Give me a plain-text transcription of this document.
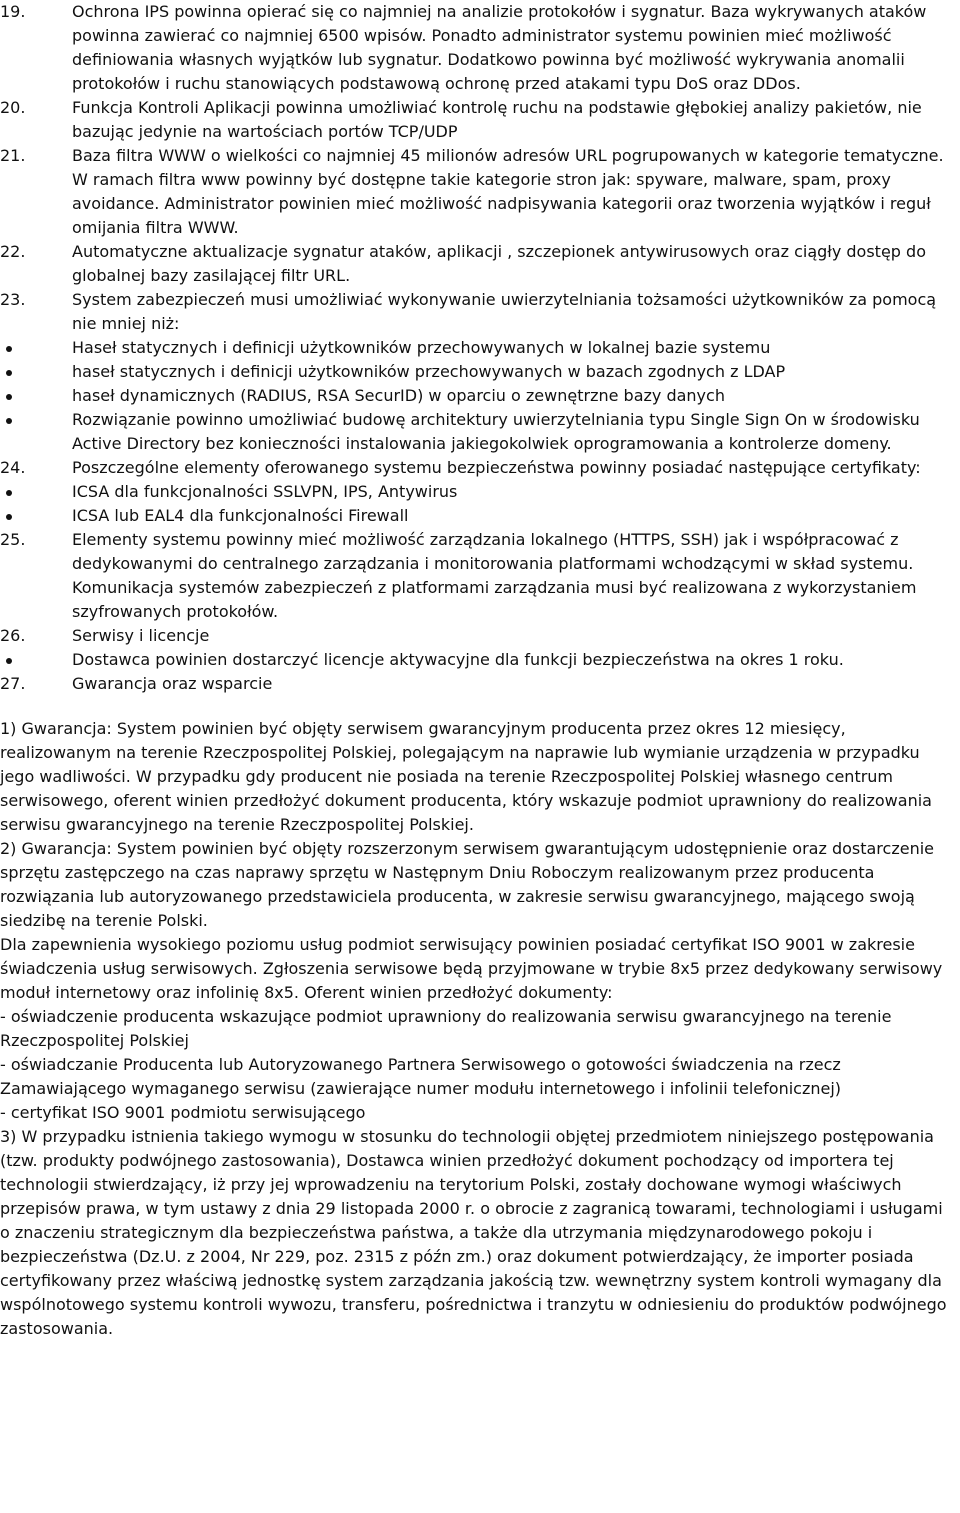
19.	Ochrona IPS powinna opierać się co najmniej na analizie protokołów i sygnatur. Baza wykrywanych ataków powinna zawierać co najmniej 6500 wpisów. Ponadto administrator systemu powinien mieć możliwość definiowania własnych wyjątków lub sygnatur. Dodatkowo powinna być możliwość wykrywania anomalii protokołów i ruchu stanowiących podstawową ochronę przed atakami typu DoS oraz DDos.
20.	Funkcja Kontroli Aplikacji powinna umożliwiać kontrolę ruchu na podstawie głębokiej analizy pakietów, nie bazując jedynie na wartościach portów TCP/UDP
21.	Baza filtra WWW o wielkości co najmniej 45 milionów adresów URL pogrupowanych w kategorie tematyczne. W ramach filtra www powinny być dostępne takie kategorie stron jak: spyware, malware, spam, proxy avoidance. Administrator powinien mieć możliwość nadpisywania kategorii oraz tworzenia wyjątków i reguł omijania filtra WWW.
22.	Automatyczne aktualizacje sygnatur ataków, aplikacji , szczepionek antywirusowych oraz ciągły dostęp do globalnej bazy zasilającej filtr URL.
23.	System zabezpieczeń musi umożliwiać wykonywanie uwierzytelniania tożsamości użytkowników za pomocą nie mniej niż:
Haseł statycznych i definicji użytkowników przechowywanych w lokalnej bazie systemu
haseł statycznych i definicji użytkowników przechowywanych w bazach zgodnych z LDAP
haseł dynamicznych (RADIUS, RSA SecurID) w oparciu o zewnętrzne bazy danych
Rozwiązanie powinno umożliwiać budowę architektury uwierzytelniania typu Single Sign On w środowisku Active Directory bez konieczności instalowania jakiegokolwiek oprogramowania a kontrolerze domeny.
24.	Poszczególne elementy oferowanego systemu bezpieczeństwa powinny posiadać następujące certyfikaty:
ICSA dla funkcjonalności SSLVPN, IPS, Antywirus
ICSA lub EAL4 dla funkcjonalności Firewall
25.	Elementy systemu powinny mieć możliwość zarządzania lokalnego (HTTPS, SSH) jak i współpracować z dedykowanymi do centralnego zarządzania i monitorowania platformami wchodzącymi w skład systemu. Komunikacja systemów zabezpieczeń z platformami zarządzania musi być realizowana z wykorzystaniem szyfrowanych protokołów.
26.	Serwisy i licencje
Dostawca powinien dostarczyć licencje aktywacyjne dla funkcji bezpieczeństwa na okres 1 roku.
27.	Gwarancja oraz wsparcie
1) Gwarancja: System powinien być objęty serwisem gwarancyjnym producenta przez okres 12 miesięcy, realizowanym na terenie Rzeczpospolitej Polskiej, polegającym na naprawie lub wymianie urządzenia w przypadku jego wadliwości. W przypadku gdy producent nie posiada na terenie Rzeczpospolitej Polskiej własnego centrum serwisowego, oferent winien przedłożyć dokument producenta, który wskazuje podmiot uprawniony do realizowania serwisu gwarancyjnego na terenie Rzeczpospolitej Polskiej.
2) Gwarancja: System powinien być objęty rozszerzonym serwisem gwarantującym udostępnienie oraz dostarczenie sprzętu zastępczego na czas naprawy sprzętu w Następnym Dniu Roboczym realizowanym przez producenta rozwiązania lub autoryzowanego przedstawiciela producenta, w zakresie serwisu gwarancyjnego, mającego swoją siedzibę na terenie Polski.
Dla zapewnienia wysokiego poziomu usług podmiot serwisujący powinien posiadać certyfikat ISO 9001 w zakresie świadczenia usług serwisowych. Zgłoszenia serwisowe będą przyjmowane w trybie 8x5 przez dedykowany serwisowy moduł internetowy oraz infolinię 8x5. Oferent winien przedłożyć dokumenty:
- oświadczenie producenta wskazujące podmiot uprawniony do realizowania serwisu gwarancyjnego na terenie Rzeczpospolitej Polskiej
- oświadczanie Producenta lub Autoryzowanego Partnera Serwisowego o gotowości świadczenia na rzecz Zamawiającego wymaganego serwisu (zawierające numer modułu internetowego i infolinii telefonicznej)
- certyfikat ISO 9001 podmiotu serwisującego
3) W przypadku istnienia takiego wymogu w stosunku do technologii objętej przedmiotem niniejszego postępowania (tzw. produkty podwójnego zastosowania), Dostawca winien przedłożyć dokument pochodzący od importera tej technologii stwierdzający, iż przy jej wprowadzeniu na terytorium Polski, zostały dochowane wymogi właściwych przepisów prawa, w tym ustawy z dnia 29 listopada 2000 r. o obrocie z zagranicą towarami, technologiami i usługami o znaczeniu strategicznym dla bezpieczeństwa państwa, a także dla utrzymania międzynarodowego pokoju i bezpieczeństwa (Dz.U. z 2004, Nr 229, poz. 2315 z późn zm.) oraz dokument potwierdzający, że importer posiada certyfikowany przez właściwą jednostkę system zarządzania jakością tzw. wewnętrzny system kontroli wymagany dla wspólnotowego systemu kontroli wywozu, transferu, pośrednictwa i tranzytu w odniesieniu do produktów podwójnego zastosowania.
